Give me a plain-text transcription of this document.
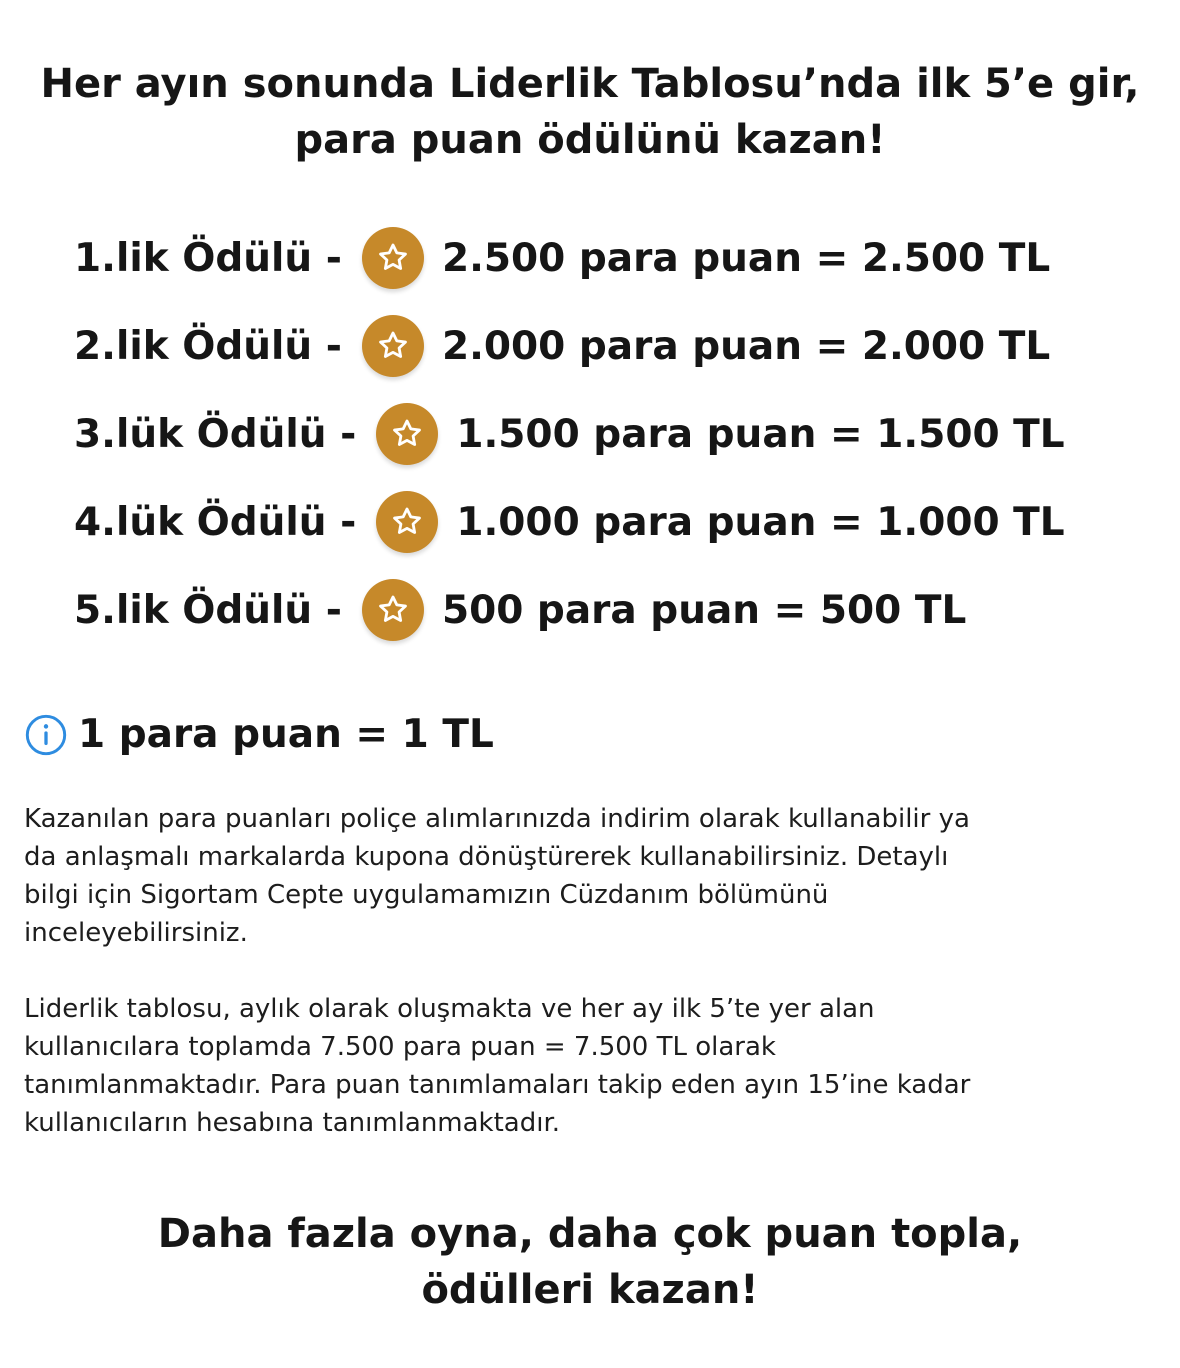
Her ayın sonunda Liderlik Tablosu’nda ilk 5’e gir,
para puan ödülünü kazan!
1.lik Ödülü -	2.500 para puan = 2.500 TL
2.lik Ödülü -	2.000 para puan = 2.000 TL
3.lük Ödülü -	1.500 para puan = 1.500 TL
4.lük Ödülü -	1.000 para puan = 1.000 TL
5.lik Ödülü -	500 para puan = 500 TL
1 para puan = 1 TL

Kazanılan para puanları poliçe alımlarınızda indirim olarak kullanabilir ya
da anlaşmalı markalarda kupona dönüştürerek kullanabilirsiniz. Detaylı
bilgi için Sigortam Cepte uygulamamızın Cüzdanım bölümünü
inceleyebilirsiniz.

Liderlik tablosu, aylık olarak oluşmakta ve her ay ilk 5’te yer alan
kullanıcılara toplamda 7.500 para puan = 7.500 TL olarak
tanımlanmaktadır. Para puan tanımlamaları takip eden ayın 15’ine kadar
kullanıcıların hesabına tanımlanmaktadır.

Daha fazla oyna, daha çok puan topla,
ödülleri kazan!
